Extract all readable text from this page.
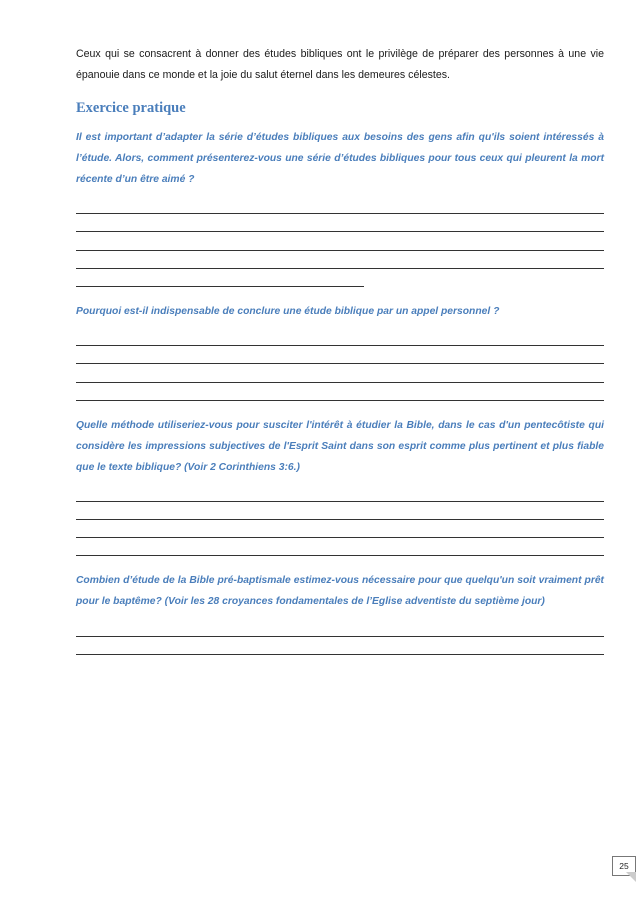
Ceux qui se consacrent à donner des études bibliques ont le privilège de préparer des personnes à une vie épanouie dans ce monde et la joie du salut éternel dans les demeures célestes.

Exercice pratique

Il est important d’adapter la série d’études bibliques aux besoins des gens afin qu'ils soient intéressés à l’étude. Alors, comment présenterez-vous une série d’études bibliques pour tous ceux qui pleurent la mort récente d’un être aimé ?

Pourquoi est-il indispensable de conclure une étude biblique par un appel personnel ?

Quelle méthode utiliseriez-vous pour susciter l'intérêt à étudier la Bible, dans le cas d'un pentecôtiste qui considère les impressions subjectives de l'Esprit Saint dans son esprit comme plus pertinent et plus fiable que le texte biblique? (Voir 2 Corinthiens 3:6.)

Combien d’étude de la Bible pré-baptismale estimez-vous nécessaire pour que quelqu'un soit vraiment prêt pour le baptême? (Voir les 28 croyances fondamentales de l’Eglise adventiste du septième jour)

25
